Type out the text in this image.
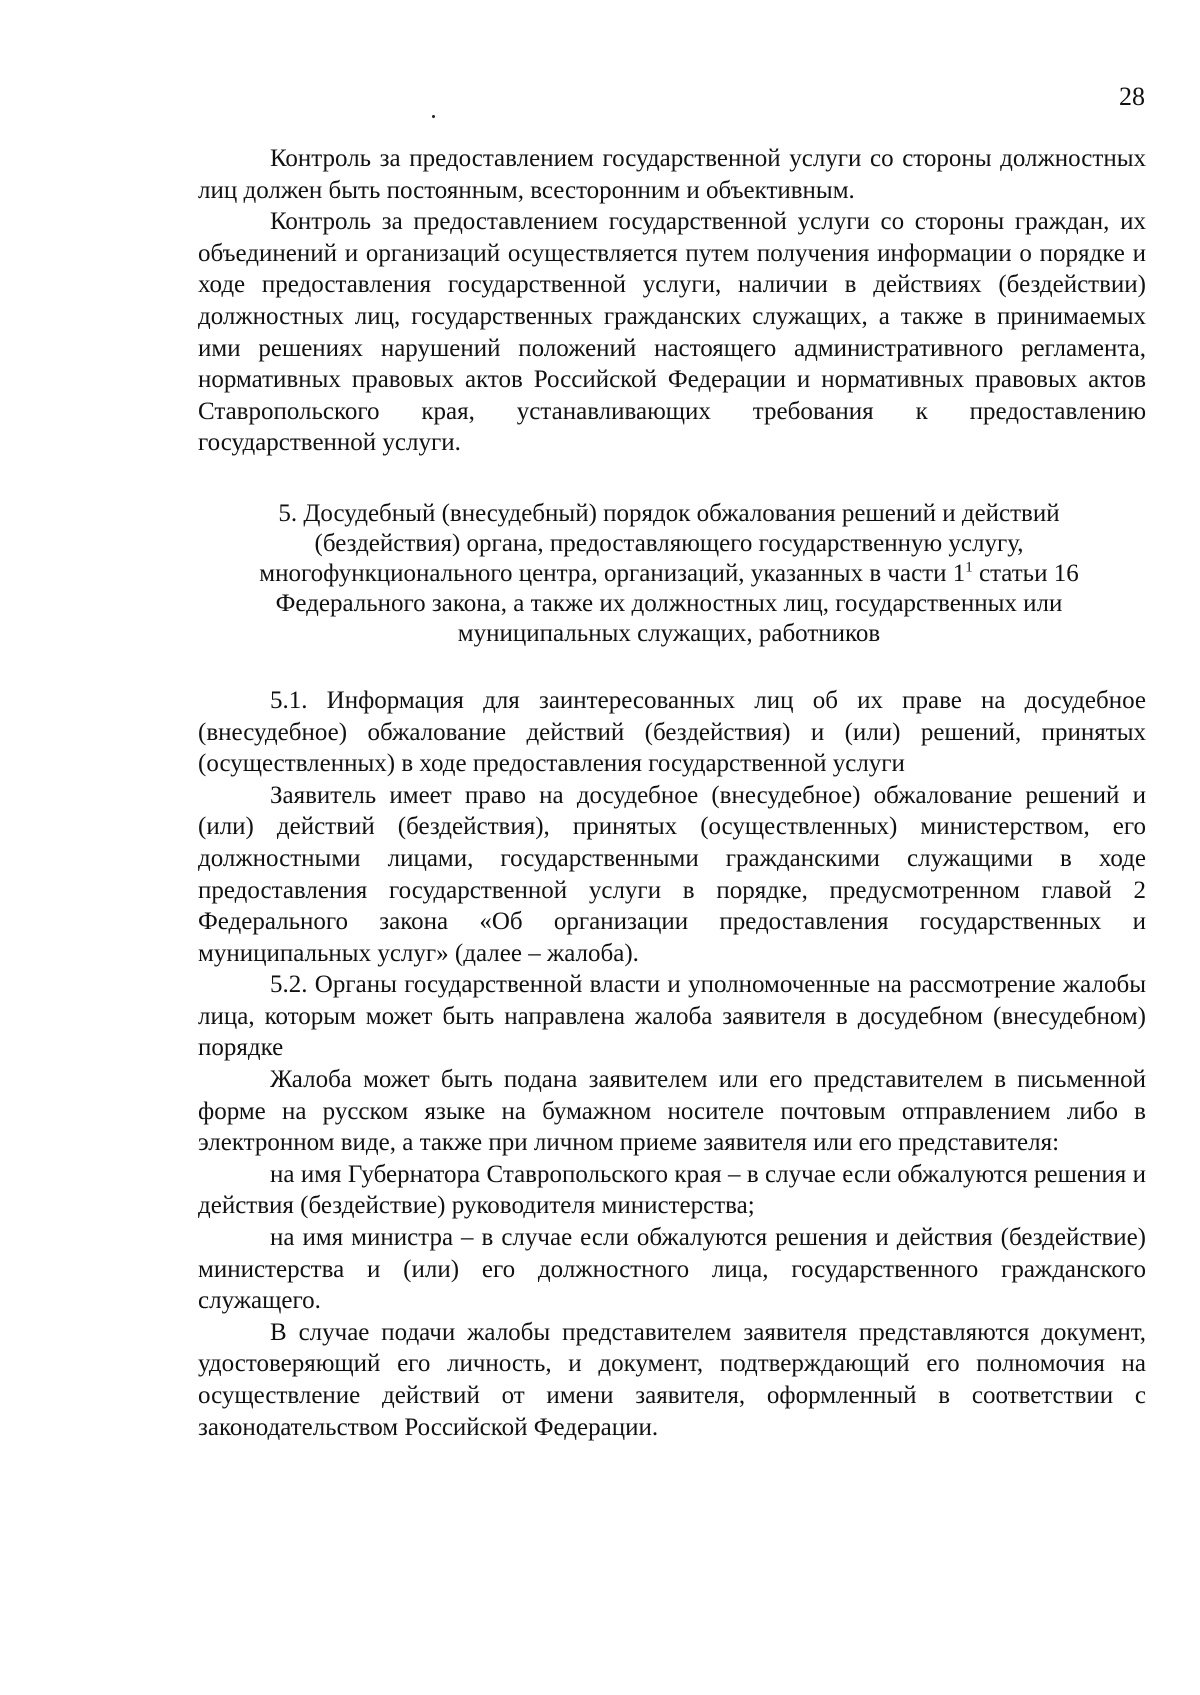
28

Контроль за предоставлением государственной услуги со стороны должностных лиц должен быть постоянным, всесторонним и объективным.

Контроль за предоставлением государственной услуги со стороны граждан, их объединений и организаций осуществляется путем получения информации о порядке и ходе предоставления государственной услуги, наличии в действиях (бездействии) должностных лиц, государственных гражданских служащих, а также в принимаемых ими решениях нарушений положений настоящего административного регламента, нормативных правовых актов Российской Федерации и нормативных правовых актов Ставропольского края, устанавливающих требования к предоставлению государственной услуги.

5. Досудебный (внесудебный) порядок обжалования решений и действий (бездействия) органа, предоставляющего государственную услугу, многофункционального центра, организаций, указанных в части 1$^1$ статьи 16 Федерального закона, а также их должностных лиц, государственных или муниципальных служащих, работников

5.1. Информация для заинтересованных лиц об их праве на досудебное (внесудебное) обжалование действий (бездействия) и (или) решений, принятых (осуществленных) в ходе предоставления государственной услуги

Заявитель имеет право на досудебное (внесудебное) обжалование решений и (или) действий (бездействия), принятых (осуществленных) министерством, его должностными лицами, государственными гражданскими служащими в ходе предоставления государственной услуги в порядке, предусмотренном главой 2 Федерального закона «Об организации предоставления государственных и муниципальных услуг» (далее – жалоба).

5.2. Органы государственной власти и уполномоченные на рассмотрение жалобы лица, которым может быть направлена жалоба заявителя в досудебном (внесудебном) порядке

Жалоба может быть подана заявителем или его представителем в письменной форме на русском языке на бумажном носителе почтовым отправлением либо в электронном виде, а также при личном приеме заявителя или его представителя:

на имя Губернатора Ставропольского края – в случае если обжалуются решения и действия (бездействие) руководителя министерства;

на имя министра – в случае если обжалуются решения и действия (бездействие) министерства и (или) его должностного лица, государственного гражданского служащего.

В случае подачи жалобы представителем заявителя представляются документ, удостоверяющий его личность, и документ, подтверждающий его полномочия на осуществление действий от имени заявителя, оформленный в соответствии с законодательством Российской Федерации.
